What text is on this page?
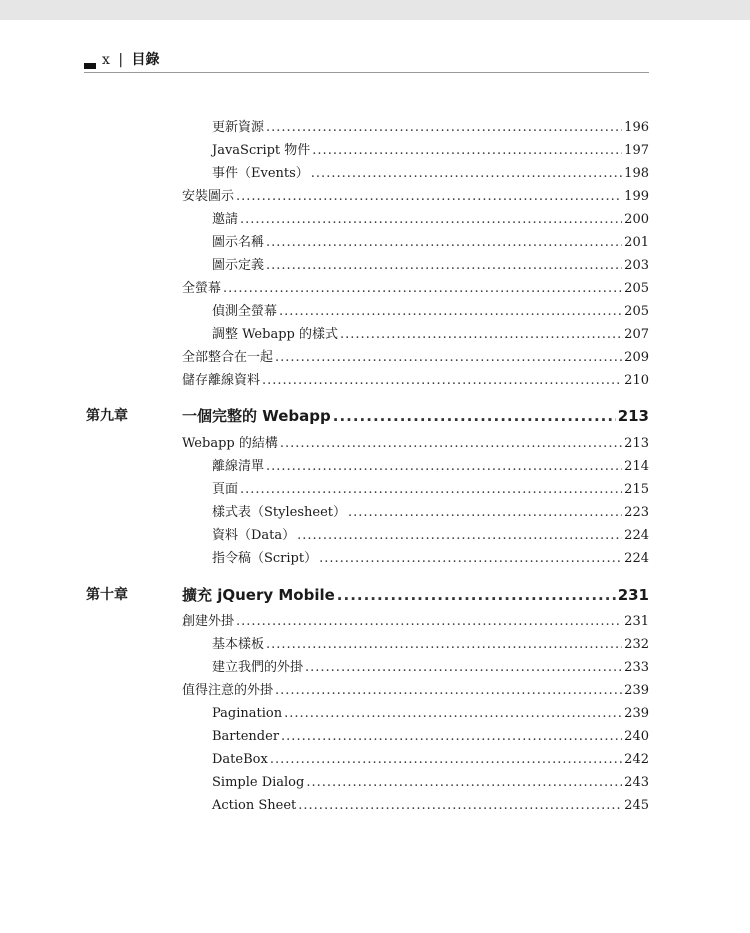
x | 目錄
更新資源 .....	196
JavaScript 物件 .....	197
事件（Events） .....	198
安裝圖示 .....	199
邀請 .....	200
圖示名稱 .....	201
圖示定義 .....	203
全螢幕 .....	205
偵測全螢幕 .....	205
調整 Webapp 的樣式 .....	207
全部整合在一起 .....	209
儲存離線資料 .....	210
第九章	一個完整的 Webapp .....	213
Webapp 的結構 .....	213
離線清單 .....	214
頁面 .....	215
樣式表（Stylesheet） .....	223
資料（Data） .....	224
指令稿（Script） .....	224
第十章	擴充 jQuery Mobile .....	231
創建外掛 .....	231
基本樣板 .....	232
建立我們的外掛 .....	233
值得注意的外掛 .....	239
Pagination .....	239
Bartender .....	240
DateBox .....	242
Simple Dialog .....	243
Action Sheet .....	245
